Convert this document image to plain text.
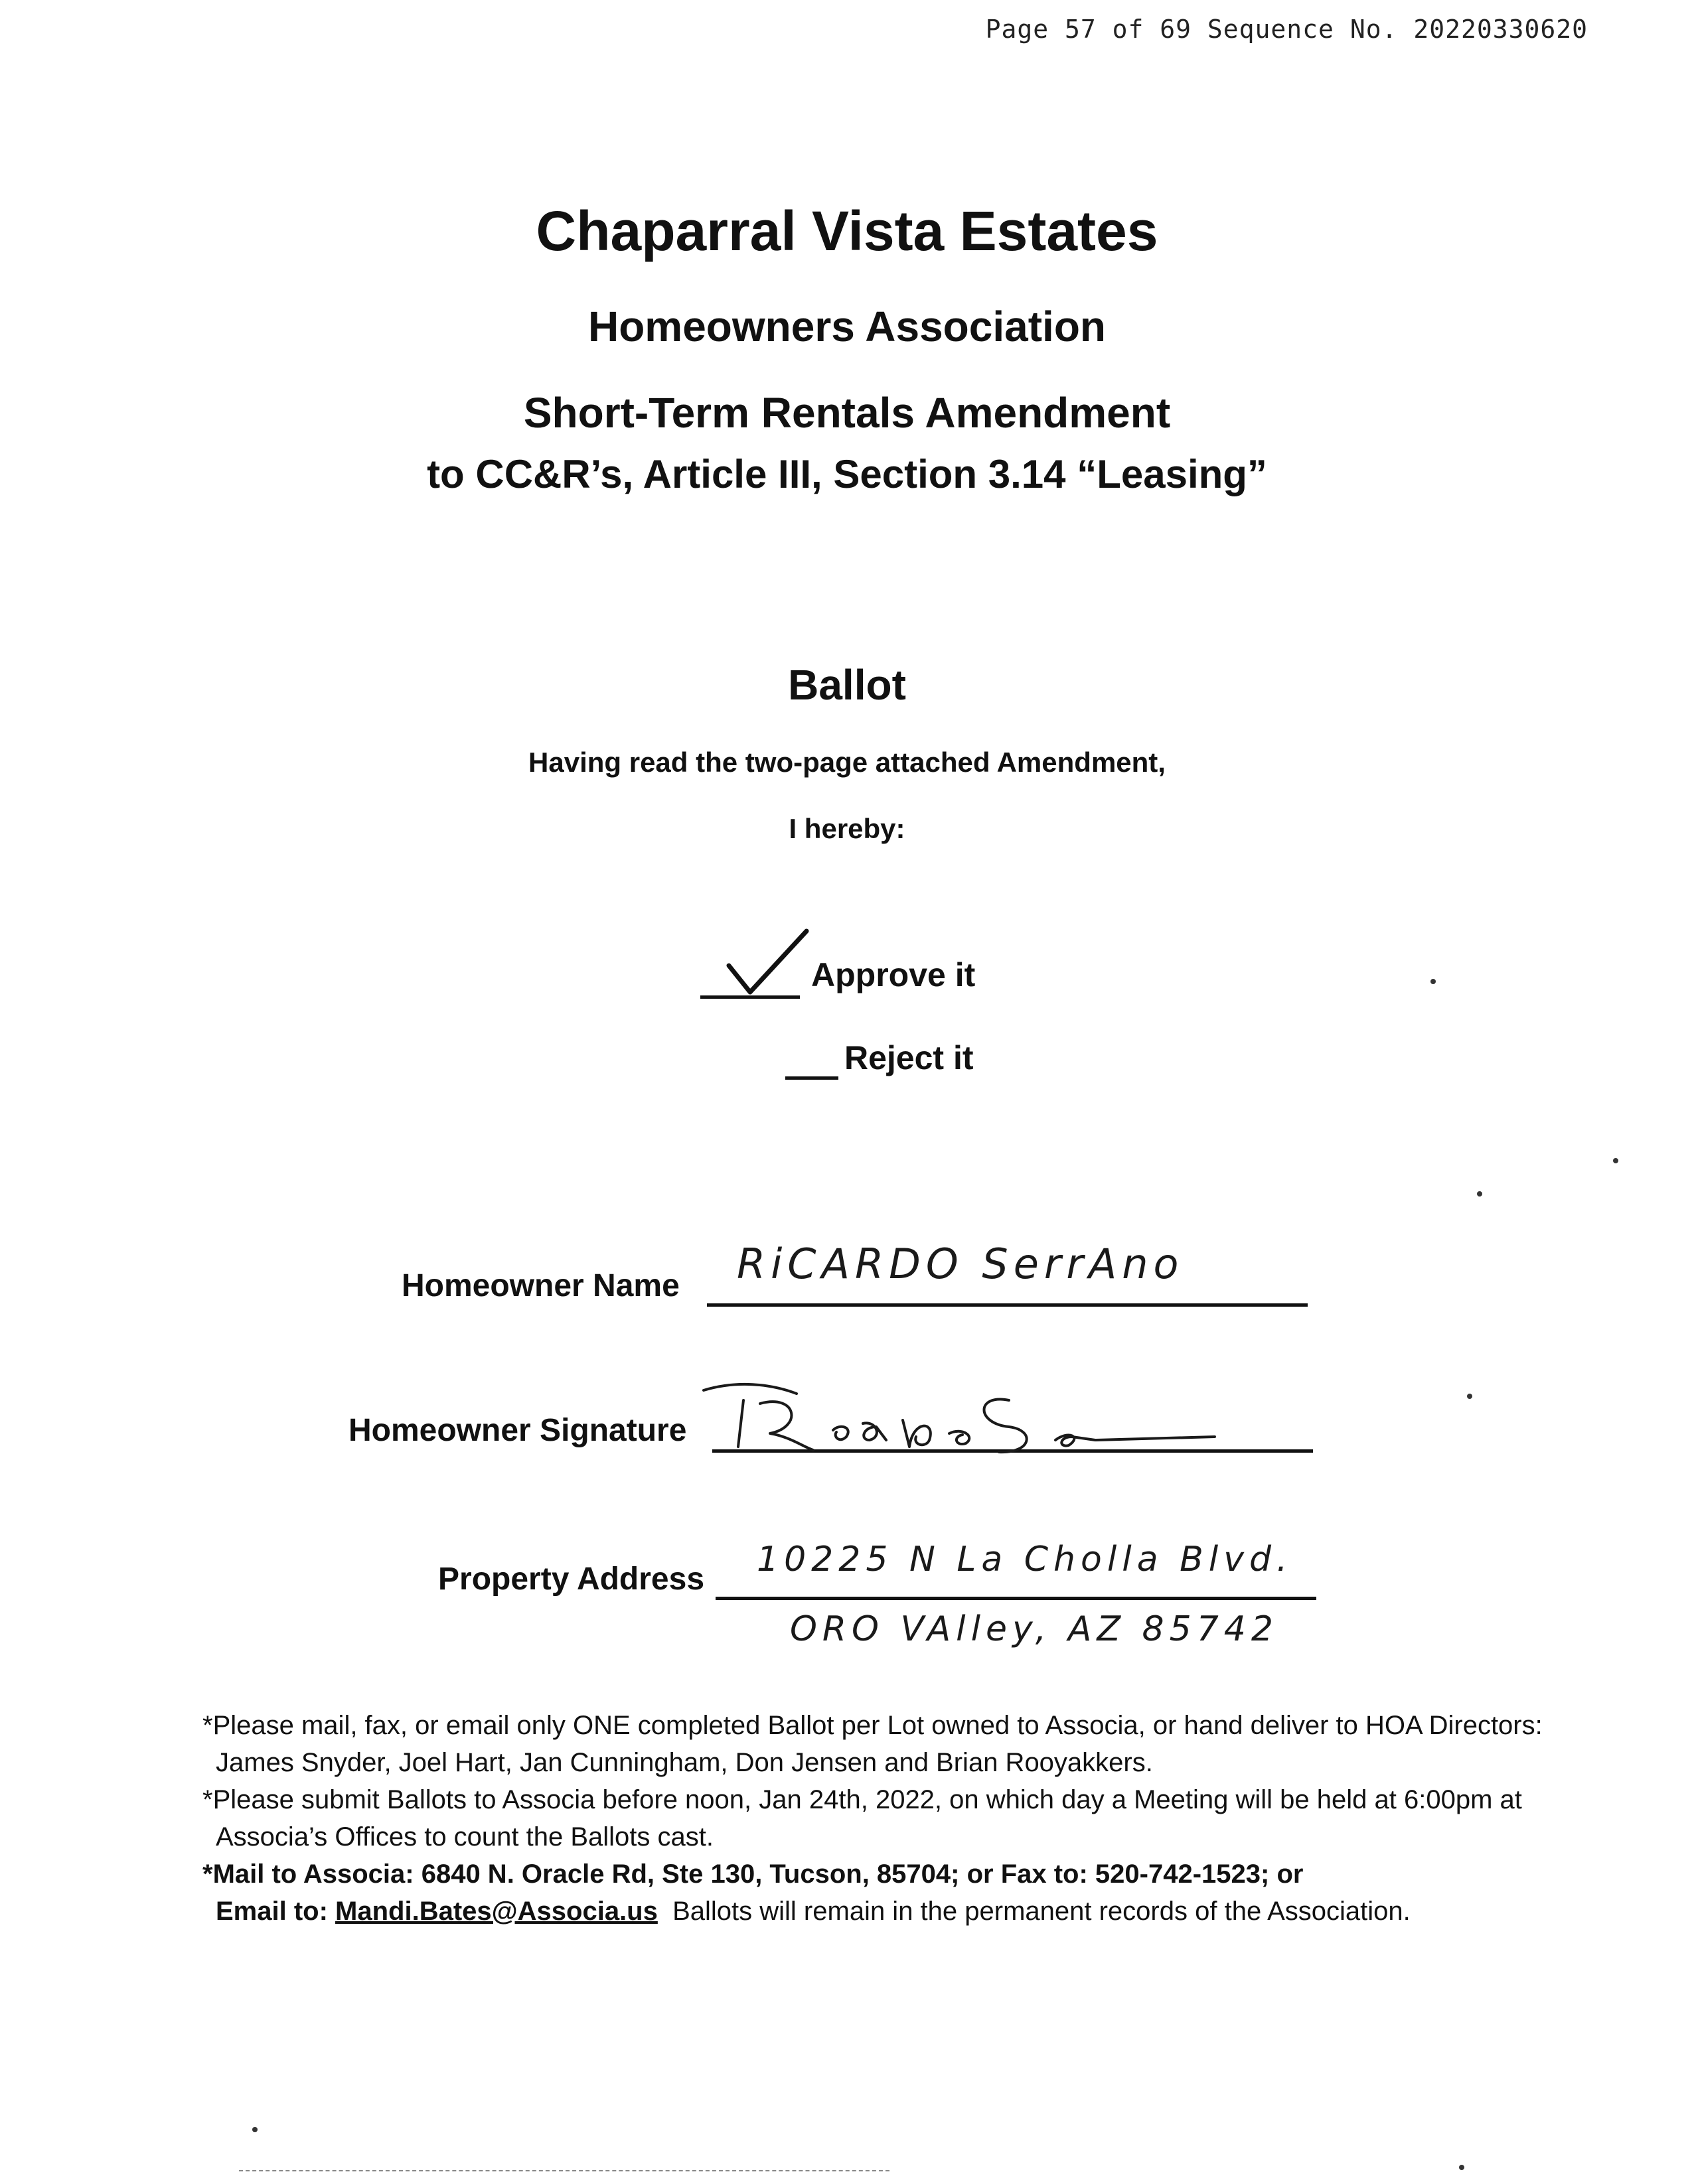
Page 57 of 69 Sequence No. 20220330620
Chaparral Vista Estates
Homeowners Association
Short-Term Rentals Amendment
to CC&R’s, Article III, Section 3.14 “Leasing”
Ballot
Having read the two-page attached Amendment,
I hereby:
Approve it
Reject it
Homeowner Name RiCARDO SerrAno
Homeowner Signature
Property Address 10225 N La Cholla Blvd.
ORO VAlley, AZ 85742
*Please mail, fax, or email only ONE completed Ballot per Lot owned to Associa, or hand deliver to HOA Directors: James Snyder, Joel Hart, Jan Cunningham, Don Jensen and Brian Rooyakkers.
*Please submit Ballots to Associa before noon, Jan 24th, 2022, on which day a Meeting will be held at 6:00pm at Associa’s Offices to count the Ballots cast.
*Mail to Associa: 6840 N. Oracle Rd, Ste 130, Tucson, 85704; or Fax to: 520-742-1523; or
Email to: Mandi.Bates@Associa.us Ballots will remain in the permanent records of the Association.
